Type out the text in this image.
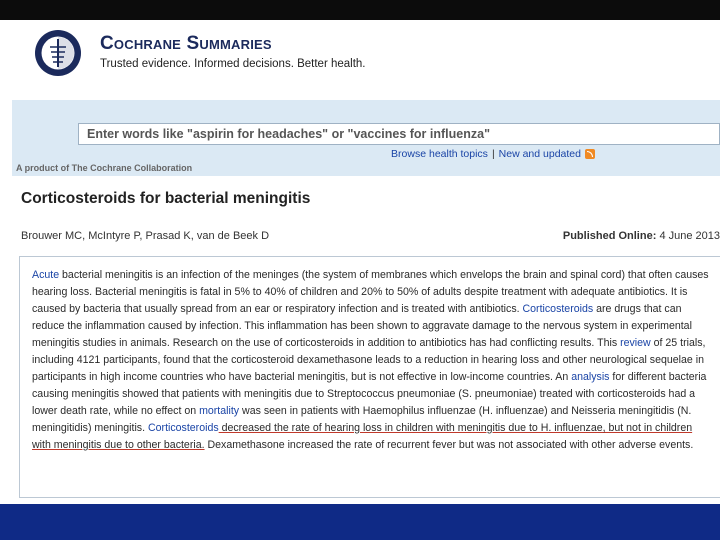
Cochrane Summaries
Trusted evidence. Informed decisions. Better health.
Enter words like "aspirin for headaches" or "vaccines for influenza"
Browse health topics | New and updated
A product of The Cochrane Collaboration
Corticosteroids for bacterial meningitis
Brouwer MC, McIntyre P, Prasad K, van de Beek D	Published Online: 4 June 2013
Acute bacterial meningitis is an infection of the meninges (the system of membranes which envelops the brain and spinal cord) that often causes hearing loss. Bacterial meningitis is fatal in 5% to 40% of children and 20% to 50% of adults despite treatment with adequate antibiotics. It is caused by bacteria that usually spread from an ear or respiratory infection and is treated with antibiotics. Corticosteroids are drugs that can reduce the inflammation caused by infection. This inflammation has been shown to aggravate damage to the nervous system in experimental meningitis studies in animals. Research on the use of corticosteroids in addition to antibiotics has had conflicting results. This review of 25 trials, including 4121 participants, found that the corticosteroid dexamethasone leads to a reduction in hearing loss and other neurological sequelae in participants in high income countries who have bacterial meningitis, but is not effective in low-income countries. An analysis for different bacteria causing meningitis showed that patients with meningitis due to Streptococcus pneumoniae (S. pneumoniae) treated with corticosteroids had a lower death rate, while no effect on mortality was seen in patients with Haemophilus influenzae (H. influenzae) and Neisseria meningitidis (N. meningitidis) meningitis. Corticosteroids decreased the rate of hearing loss in children with meningitis due to H. influenzae, but not in children with meningitis due to other bacteria. Dexamethasone increased the rate of recurrent fever but was not associated with other adverse events.
